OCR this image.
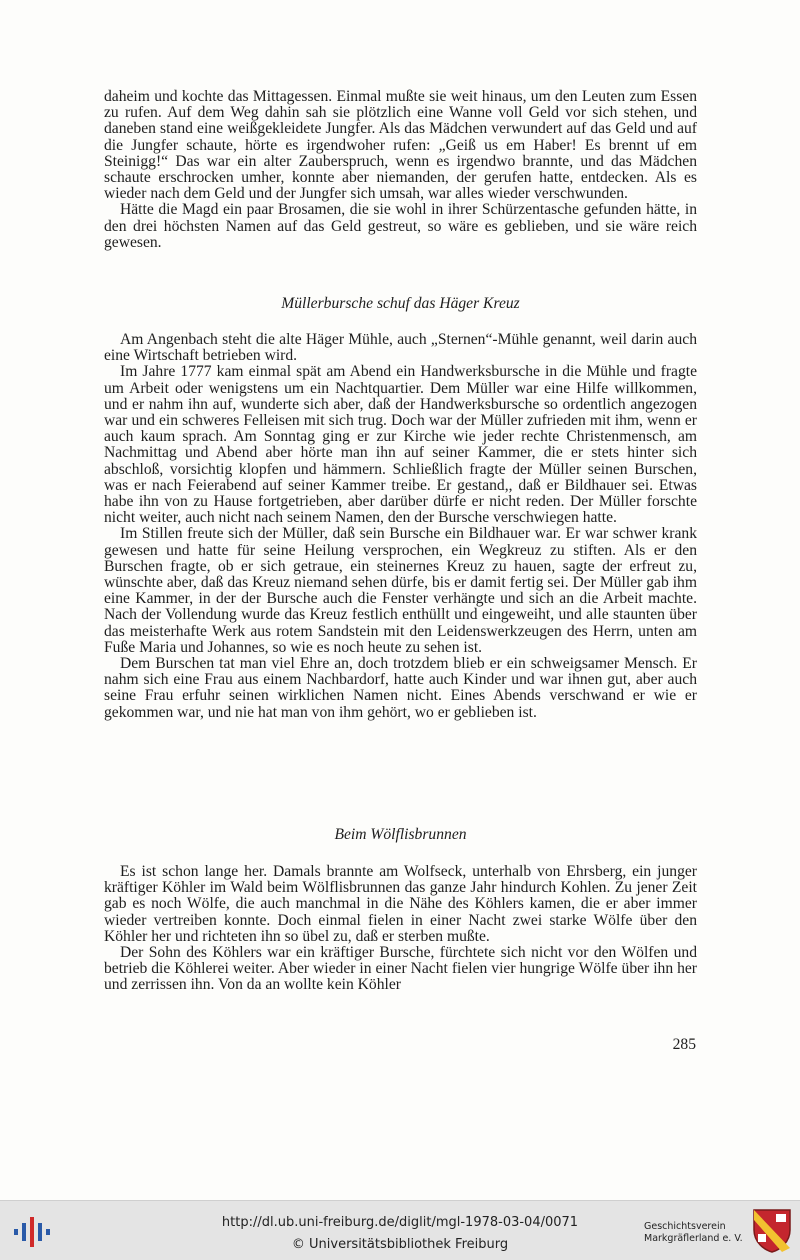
daheim und kochte das Mittagessen. Einmal mußte sie weit hinaus, um den Leuten zum Essen zu rufen. Auf dem Weg dahin sah sie plötzlich eine Wanne voll Geld vor sich stehen, und daneben stand eine weißgekleidete Jungfer. Als das Mädchen verwundert auf das Geld und auf die Jungfer schaute, hörte es irgendwoher rufen: „Geiß us em Haber! Es brennt uf em Steinigg!“ Das war ein alter Zauberspruch, wenn es irgendwo brannte, und das Mädchen schaute erschrocken umher, konnte aber niemanden, der gerufen hatte, entdecken. Als es wieder nach dem Geld und der Jungfer sich umsah, war alles wieder verschwunden.

Hätte die Magd ein paar Brosamen, die sie wohl in ihrer Schürzentasche gefunden hätte, in den drei höchsten Namen auf das Geld gestreut, so wäre es geblieben, und sie wäre reich gewesen.

Müllerbursche schuf das Häger Kreuz

Am Angenbach steht die alte Häger Mühle, auch „Sternen“-Mühle genannt, weil darin auch eine Wirtschaft betrieben wird.

Im Jahre 1777 kam einmal spät am Abend ein Handwerksbursche in die Mühle und fragte um Arbeit oder wenigstens um ein Nachtquartier. Dem Müller war eine Hilfe willkommen, und er nahm ihn auf, wunderte sich aber, daß der Handwerksbursche so ordentlich angezogen war und ein schweres Felleisen mit sich trug. Doch war der Müller zufrieden mit ihm, wenn er auch kaum sprach. Am Sonntag ging er zur Kirche wie jeder rechte Christenmensch, am Nachmittag und Abend aber hörte man ihn auf seiner Kammer, die er stets hinter sich abschloß, vorsichtig klopfen und hämmern. Schließlich fragte der Müller seinen Burschen, was er nach Feierabend auf seiner Kammer treibe. Er gestand,, daß er Bildhauer sei. Etwas habe ihn von zu Hause fortgetrieben, aber darüber dürfe er nicht reden. Der Müller forschte nicht weiter, auch nicht nach seinem Namen, den der Bursche verschwiegen hatte.

Im Stillen freute sich der Müller, daß sein Bursche ein Bildhauer war. Er war schwer krank gewesen und hatte für seine Heilung versprochen, ein Wegkreuz zu stiften. Als er den Burschen fragte, ob er sich getraue, ein steinernes Kreuz zu hauen, sagte der erfreut zu, wünschte aber, daß das Kreuz niemand sehen dürfe, bis er damit fertig sei. Der Müller gab ihm eine Kammer, in der der Bursche auch die Fenster verhängte und sich an die Arbeit machte. Nach der Vollendung wurde das Kreuz festlich enthüllt und eingeweiht, und alle staunten über das meisterhafte Werk aus rotem Sandstein mit den Leidenswerkzeugen des Herrn, unten am Fuße Maria und Johannes, so wie es noch heute zu sehen ist.

Dem Burschen tat man viel Ehre an, doch trotzdem blieb er ein schweigsamer Mensch. Er nahm sich eine Frau aus einem Nachbardorf, hatte auch Kinder und war ihnen gut, aber auch seine Frau erfuhr seinen wirklichen Namen nicht. Eines Abends verschwand er wie er gekommen war, und nie hat man von ihm gehört, wo er geblieben ist.

Beim Wölflisbrunnen

Es ist schon lange her. Damals brannte am Wolfseck, unterhalb von Ehrsberg, ein junger kräftiger Köhler im Wald beim Wölflisbrunnen das ganze Jahr hindurch Kohlen. Zu jener Zeit gab es noch Wölfe, die auch manchmal in die Nähe des Köhlers kamen, die er aber immer wieder vertreiben konnte. Doch einmal fielen in einer Nacht zwei starke Wölfe über den Köhler her und richteten ihn so übel zu, daß er sterben mußte.

Der Sohn des Köhlers war ein kräftiger Bursche, fürchtete sich nicht vor den Wölfen und betrieb die Köhlerei weiter. Aber wieder in einer Nacht fielen vier hungrige Wölfe über ihn her und zerrissen ihn. Von da an wollte kein Köhler

285
http://dl.ub.uni-freiburg.de/diglit/mgl-1978-03-04/0071
© Universitätsbibliothek Freiburg
Geschichtsverein
Markgräflerland e. V.
